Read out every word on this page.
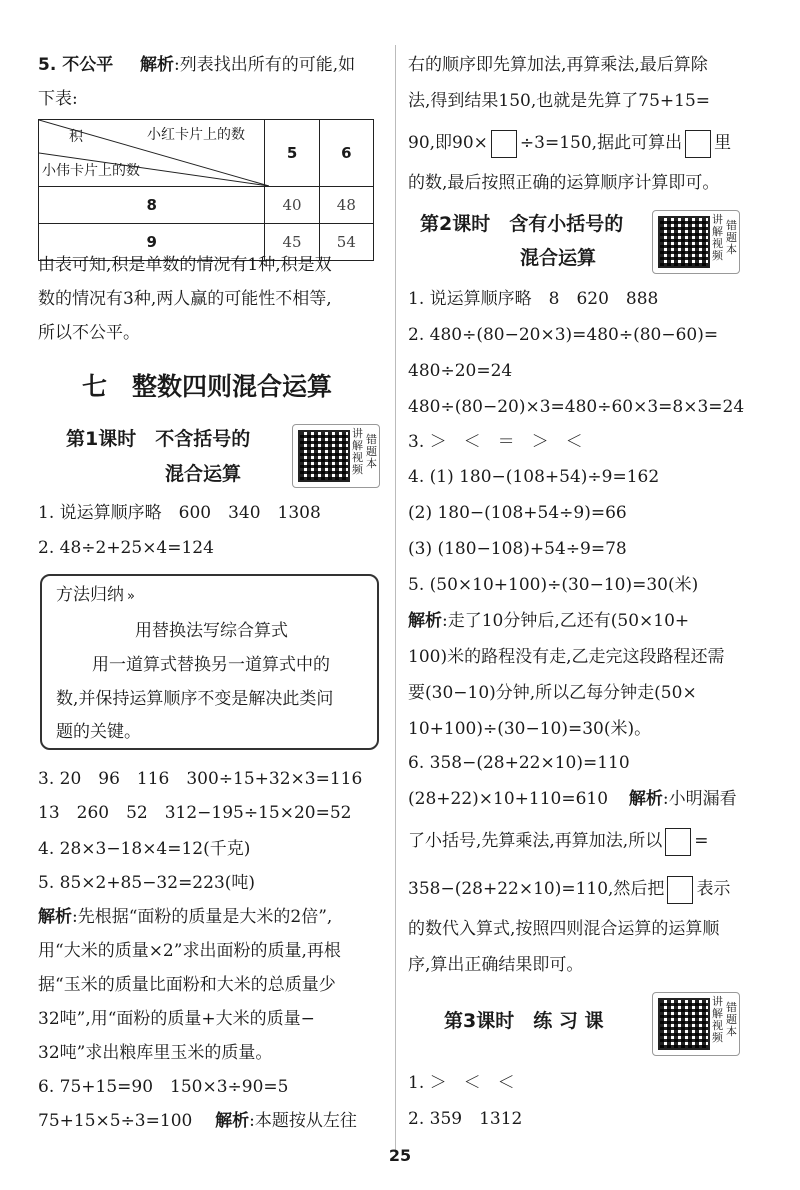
5. 不公平 解析:列表找出所有的可能,如
下表:
积 小红卡片上的数
小伟卡片上的数	5	6
8	40	48
9	45	54
由表可知,积是单数的情况有1种,积是双
数的情况有3种,两人赢的可能性不相等,
所以不公平。
七　整数四则混合运算
第1课时　不含括号的
混合运算
讲解视频
错题本
1. 说运算顺序略　600　340　1308
2. 48÷2+25×4=124
方法归纳 »
用替换法写综合算式
用一道算式替换另一道算式中的
数,并保持运算顺序不变是解决此类问
题的关键。
3. 20　96　116　300÷15+32×3=116
13　260　52　312−195÷15×20=52
4. 28×3−18×4=12(千克)
5. 85×2+85−32=223(吨)
解析:先根据“面粉的质量是大米的2倍”,
用“大米的质量×2”求出面粉的质量,再根
据“玉米的质量比面粉和大米的总质量少
32吨”,用“面粉的质量+大米的质量−
32吨”求出粮库里玉米的质量。
6. 75+15=90　150×3÷90=5
75+15×5÷3=100 解析:本题按从左往
右的顺序即先算加法,再算乘法,最后算除
法,得到结果150,也就是先算了75+15=
90,即90× ÷3=150,据此可算出 里
的数,最后按照正确的运算顺序计算即可。
第2课时　含有小括号的
混合运算
讲解视频
错题本
1. 说运算顺序略　8　620　888
2. 480÷(80−20×3)=480÷(80−60)=
480÷20=24
480÷(80−20)×3=480÷60×3=8×3=24
3. ＞　＜　＝　＞　＜
4. (1) 180−(108+54)÷9=162
(2) 180−(108+54÷9)=66
(3) (180−108)+54÷9=78
5. (50×10+100)÷(30−10)=30(米)
解析:走了10分钟后,乙还有(50×10+
100)米的路程没有走,乙走完这段路程还需
要(30−10)分钟,所以乙每分钟走(50×
10+100)÷(30−10)=30(米)。
6. 358−(28+22×10)=110
(28+22)×10+110=610 解析:小明漏看
了小括号,先算乘法,再算加法,所以 =
358−(28+22×10)=110,然后把 表示
的数代入算式,按照四则混合运算的运算顺
序,算出正确结果即可。
第3课时　练 习 课
讲解视频
错题本
1. ＞　＜　＜
2. 359　1312
25
